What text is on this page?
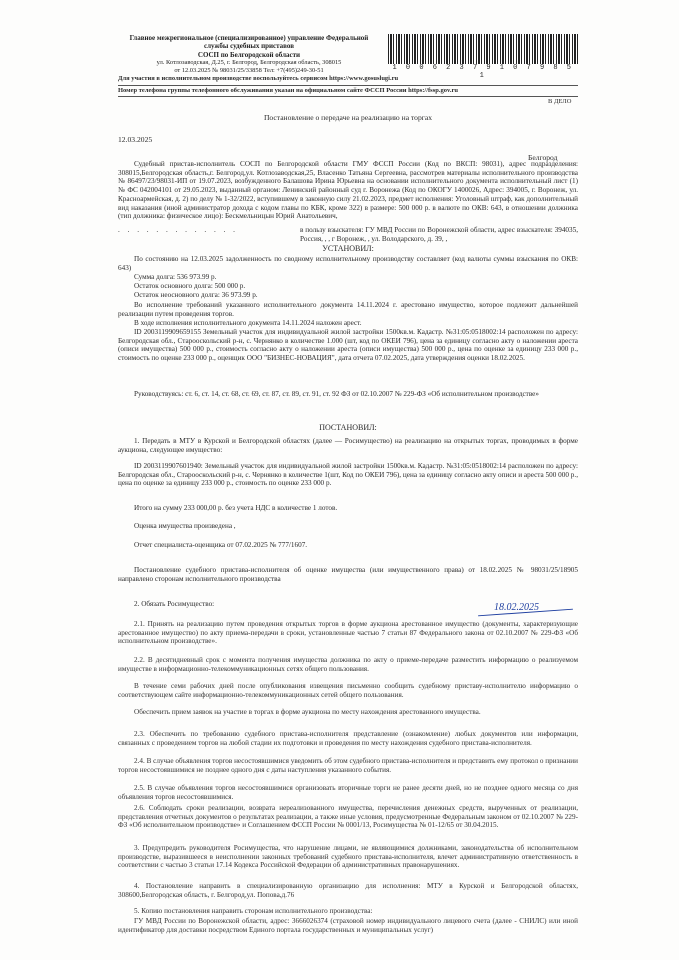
Главное межрегиональное (специализированное) управление Федеральной
службы судебных приставов
СОСП по Белгородской области
ул. Котлозаводская, Д.25, г. Белгород, Белгородская область, 308015
от 12.03.2025 № 98031/25/33858 Тел: +7(495)249-30-51	1 0 0 6 2 3 7 9 1 0 7 9 8 5 1
Для участия в исполнительном производстве воспользуйтесь сервисом https://www.gosuslugi.ru
Номер телефона группы телефонного обслуживания указан на официальном сайте ФССП России https://fssp.gov.ru
В ДЕЛО
Постановление о передаче на реализацию на торгах
12.03.2025
Белгород
Судебный пристав-исполнитель СОСП по Белгородской области ГМУ ФССП России (Код по ВКСП: 98031), адрес подразделения: 308015,Белгородская область,г. Белгород,ул. Котлозаводская,25, Власенко Татьяна Сергеевна, рассмотрев материалы исполнительного производства № 86497/23/98031-ИП от 19.07.2023, возбужденного Балашова Ирина Юрьевна на основании исполнительного документа исполнительный лист (1) № ФС 042004101 от 29.05.2023, выданный органом: Ленинский районный суд г. Воронежа (Код по ОКОГУ 1400026, Адрес: 394005, г. Воронеж, ул. Красноармейская, д. 2) по делу № 1-32/2022, вступившему в законную силу 21.02.2023, предмет исполнения: Уголовный штраф, как дополнительный вид наказания (иной администратор дохода с кодом главы по КБК, кроме 322) в размере: 500 000 р. в валюте по ОКВ: 643, в отношении должника (тип должника: физическое лицо): Бескмельницын Юрий Анатольевич,
. . . . . . . . . . . . .	в пользу взыскателя: ГУ МВД России по Воронежской области, адрес взыскателя: 394035, Россия, , , г Воронеж, , ул. Володарского, д. 39, ,
УСТАНОВИЛ:
По состоянию на 12.03.2025 задолженность по сводному исполнительному производству составляет (код валюты суммы взыскания по ОКВ: 643)
Сумма долга: 536 973.99 р.
Остаток основного долга: 500 000 р.
Остаток неосновного долга: 36 973.99 р.
Во исполнение требований указанного исполнительного документа 14.11.2024 г. арестовано имущество, которое подлежит дальнейшей реализации путем проведения торгов.
В ходе исполнения исполнительного документа 14.11.2024 наложен арест.
ID 2003119909659155 Земельный участок для индивидуальной жилой застройки 1500кв.м. Кадастр. №31:05:0518002:14 расположен по адресу: Белгородская обл., Старооскольский р-н, с. Чернянко в количестве 1.000 (шт, код по ОКЕИ 796), цена за единицу согласно акту о наложении ареста (описи имущества) 500 000 р., стоимость согласно акту о наложении ареста (описи имущества) 500 000 р., цена по оценке за единицу 233 000 р., стоимость по оценке 233 000 р., оценщик ООО "БИЗНЕС-НОВАЦИЯ", дата отчета 07.02.2025, дата утверждения оценки 18.02.2025.
Руководствуясь: ст. 6, ст. 14, ст. 68, ст. 69, ст. 87, ст. 89, ст. 91, ст. 92 ФЗ от 02.10.2007 № 229-ФЗ «Об исполнительном производстве»
ПОСТАНОВИЛ:
1. Передать в МТУ в Курской и Белгородской областях (далее — Росимущество) на реализацию на открытых торгах, проводимых в форме аукциона, следующее имущество:
ID 2003119907601940: Земельный участок для индивидуальной жилой застройки 1500кв.м. Кадастр. №31:05:0518002:14 расположен по адресу: Белгородская обл., Старооскольский р-н, с. Чернянко в количестве 1(шт, Код по ОКЕИ 796), цена за единицу согласно акту описи и ареста 500 000 р., цена по оценке за единицу 233 000 р., стоимость по оценке 233 000 р.
Итого на сумму 233 000,00 р. без учета НДС в количестве 1 лотов.
Оценка имущества произведена ,
Отчет специалиста-оценщика от 07.02.2025 № 777/1607.
Постановление судебного пристава-исполнителя об оценке имущества (или имущественного права) от 18.02.2025 № 98031/25/18905 направлено сторонам исполнительного производства
18.02.2025
2. Обязать Росимущество:
2.1. Принять на реализацию путем проведения открытых торгов в форме аукциона арестованное имущество (документы, характеризующие арестованное имущество) по акту приема-передачи в сроки, установленные частью 7 статьи 87 Федерального закона от 02.10.2007 № 229-ФЗ «Об исполнительном производстве».
2.2. В десятидневный срок с момента получения имущества должника по акту о приеме-передаче разместить информацию о реализуемом имуществе в информационно-телекоммуникационных сетях общего пользования.
В течение семи рабочих дней после опубликования извещения письменно сообщить судебному приставу-исполнителю информацию о соответствующем сайте информационно-телекоммуникационных сетей общего пользования.
Обеспечить прием заявок на участие в торгах в форме аукциона по месту нахождения арестованного имущества.
2.3. Обеспечить по требованию судебного пристава-исполнителя представление (ознакомление) любых документов или информации, связанных с проведением торгов на любой стадии их подготовки и проведения по месту нахождения судебного пристава-исполнителя.
2.4. В случае объявления торгов несостоявшимися уведомить об этом судебного пристава-исполнителя и представить ему протокол о признании торгов несостоявшимися не позднее одного дня с даты наступления указанного события.
2.5. В случае объявления торгов несостоявшимися организовать вторичные торги не ранее десяти дней, но не позднее одного месяца со дня объявления торгов несостоявшимися.
2.6. Соблюдать сроки реализации, возврата нереализованного имущества, перечисления денежных средств, вырученных от реализации, представления отчетных документов о результатах реализации, а также иные условия, предусмотренные Федеральным законом от 02.10.2007 № 229-ФЗ «Об исполнительном производстве» и Соглашением ФССП России № 0001/13, Росимущества № 01-12/65 от 30.04.2015.
3. Предупредить руководителя Росимущества, что нарушение лицами, не являющимися должниками, законодательства об исполнительном производстве, выразившееся в неисполнении законных требований судебного пристава-исполнителя, влечет административную ответственность в соответствии с частью 3 статьи 17.14 Кодекса Российской Федерации об административных правонарушениях.
4. Постановление направить в специализированную организацию для исполнения: МТУ в Курской и Белгородской областях, 308600,Белгородская область, г. Белгород,ул. Попова,д.76
5. Копию постановления направить сторонам исполнительного производства:
ГУ МВД России по Воронежской области, адрес: 3666026374 (страховой номер индивидуального лицевого счета (далее - СНИЛС) или иной идентификатор для доставки посредством Единого портала государственных и муниципальных услуг)
